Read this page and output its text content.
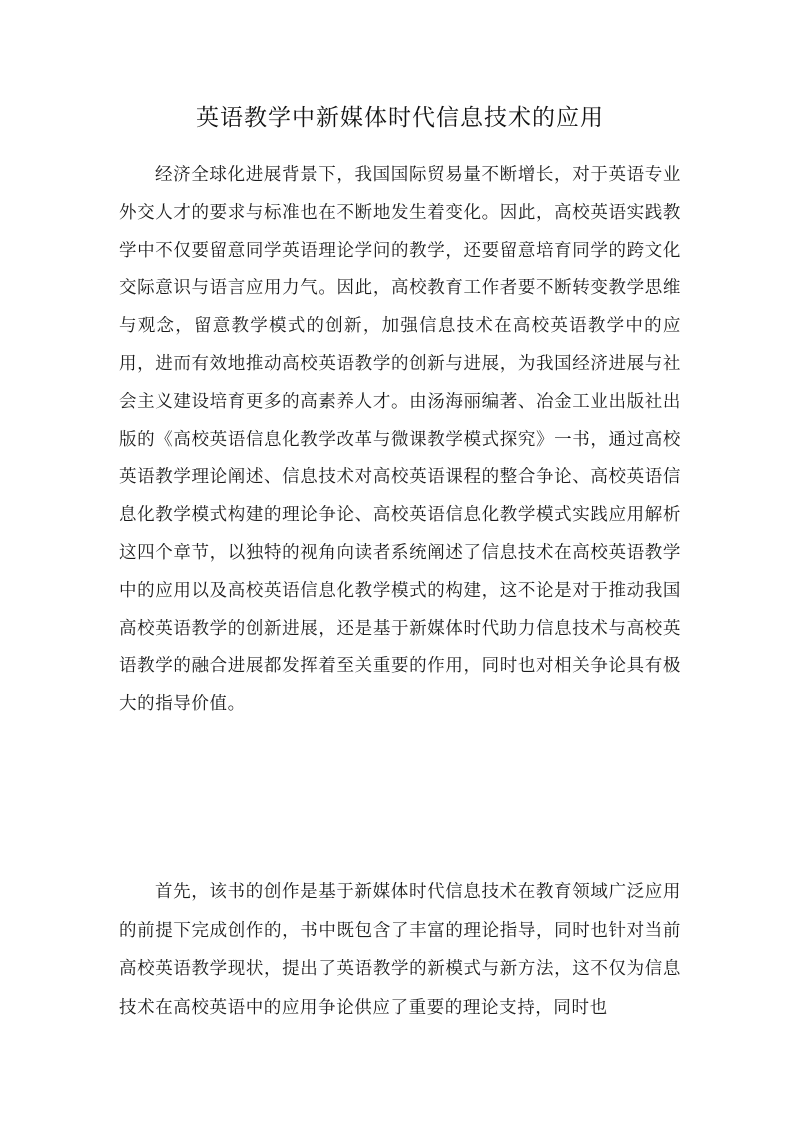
英语教学中新媒体时代信息技术的应用

经济全球化进展背景下，我国国际贸易量不断增长，对于英语专业外交人才的要求与标准也在不断地发生着变化。因此，高校英语实践教学中不仅要留意同学英语理论学问的教学，还要留意培育同学的跨文化交际意识与语言应用力气。因此，高校教育工作者要不断转变教学思维与观念，留意教学模式的创新，加强信息技术在高校英语教学中的应用，进而有效地推动高校英语教学的创新与进展，为我国经济进展与社会主义建设培育更多的高素养人才。由汤海丽编著、冶金工业出版社出版的《高校英语信息化教学改革与微课教学模式探究》一书，通过高校英语教学理论阐述、信息技术对高校英语课程的整合争论、高校英语信息化教学模式构建的理论争论、高校英语信息化教学模式实践应用解析这四个章节，以独特的视角向读者系统阐述了信息技术在高校英语教学中的应用以及高校英语信息化教学模式的构建，这不论是对于推动我国高校英语教学的创新进展，还是基于新媒体时代助力信息技术与高校英语教学的融合进展都发挥着至关重要的作用，同时也对相关争论具有极大的指导价值。

首先，该书的创作是基于新媒体时代信息技术在教育领域广泛应用的前提下完成创作的，书中既包含了丰富的理论指导，同时也针对当前高校英语教学现状，提出了英语教学的新模式与新方法，这不仅为信息技术在高校英语中的应用争论供应了重要的理论支持，同时也
